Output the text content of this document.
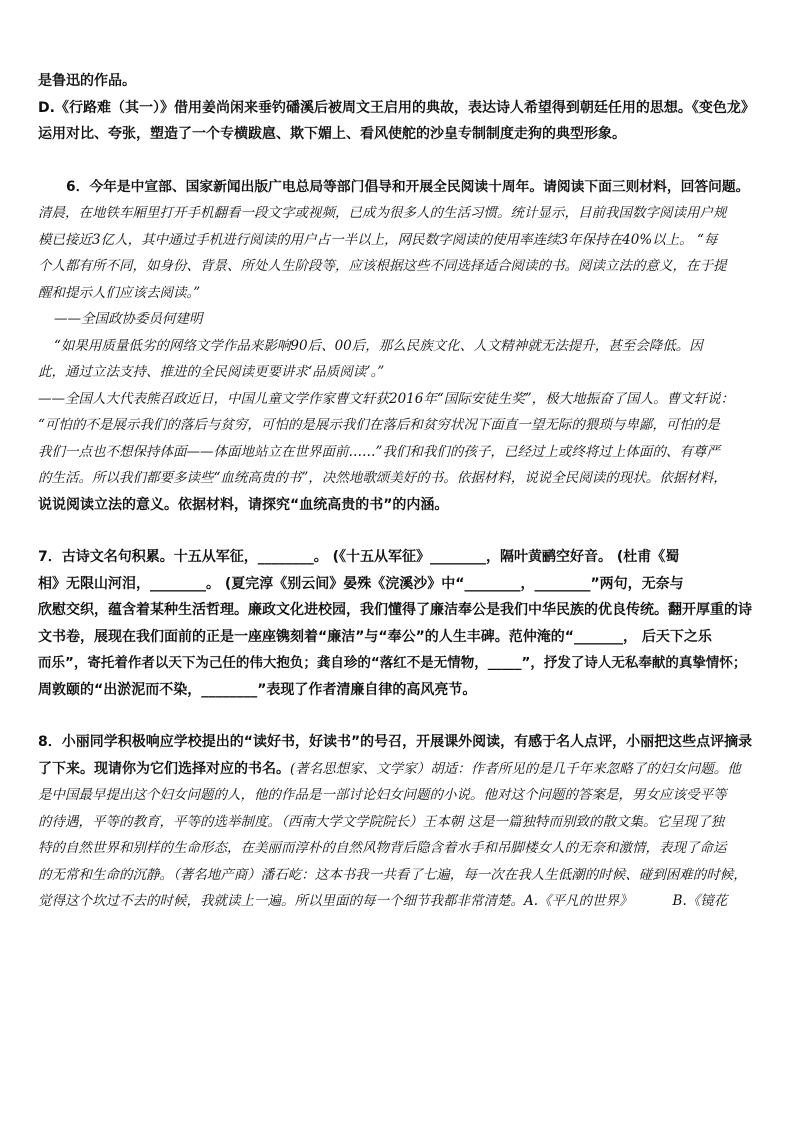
是鲁迅的作品。
D.《行路难（其一）》借用姜尚闲来垂钓磻溪后被周文王启用的典故，表达诗人希望得到朝廷任用的思想。《变色龙》
运用对比、夸张，塑造了一个专横跋扈、欺下媚上、看风使舵的沙皇专制制度走狗的典型形象。
6．今年是中宣部、国家新闻出版广电总局等部门倡导和开展全民阅读十周年。请阅读下面三则材料，回答问题。
清晨，在地铁车厢里打开手机翻看一段文字或视频，已成为很多人的生活习惯。统计显示，目前我国数字阅读用户规
模已接近3亿人，其中通过手机进行阅读的用户占一半以上，网民数字阅读的使用率连续3年保持在40%以上。 “每
个人都有所不同，如身份、背景、所处人生阶段等，应该根据这些不同选择适合阅读的书。阅读立法的意义，在于提
醒和提示人们应该去阅读。”
——全国政协委员何建明
“如果用质量低劣的网络文学作品来影响90后、00后，那么民族文化、人文精神就无法提升，甚至会降低。因
此，通过立法支持、推进的全民阅读更要讲求‘品质阅读’。”
——全国人大代表熊召政近日，中国儿童文学作家曹文轩获2016年“国际安徒生奖”，极大地振奋了国人。曹文轩说：
“可怕的不是展示我们的落后与贫穷，可怕的是展示我们在落后和贫穷状况下面直一望无际的猥琐与卑鄙，可怕的是
我们一点也不想保持体面——体面地站立在世界面前……”我们和我们的孩子，已经过上或终将过上体面的、有尊严
的生活。所以我们都要多读些“血统高贵的书”，决然地歌颂美好的书。依据材料，说说全民阅读的现状。依据材料，
说说阅读立法的意义。依据材料，请探究“血统高贵的书”的内涵。
7．古诗文名句积累。十五从军征，________。 (《十五从军征》________，隔叶黄鹂空好音。 (杜甫《蜀
相》无限山河泪，________。 (夏完淳《别云间》晏殊《浣溪沙》中“________，________”两句，无奈与
欣慰交织，蕴含着某种生活哲理。廉政文化进校园，我们懂得了廉洁奉公是我们中华民族的优良传统。翻开厚重的诗
文书卷，展现在我们面前的正是一座座镌刻着“廉洁”与“奉公”的人生丰碑。范仲淹的“_______， 后天下之乐
而乐”，寄托着作者以天下为己任的伟大抱负；龚自珍的“落红不是无情物，_____”，抒发了诗人无私奉献的真挚情怀；
周敦颐的“出淤泥而不染，________”表现了作者清廉自律的高风亮节。
8．小丽同学积极响应学校提出的“读好书，好读书”的号召，开展课外阅读，有感于名人点评，小丽把这些点评摘录
了下来。现请你为它们选择对应的书名。(著名思想家、文学家）胡适：作者所见的是几千年来忽略了的妇女问题。他
是中国最早提出这个妇女问题的人，他的作品是一部讨论妇女问题的小说。他对这个问题的答案是，男女应该受平等
的待遇，平等的教育，平等的选举制度。（西南大学文学院院长）王本朝 这是一篇独特而别致的散文集。它呈现了独
特的自然世界和别样的生命形态，在美丽而淳朴的自然风物背后隐含着水手和吊脚楼女人的无奈和激情，表现了命运
的无常和生命的沉静。（著名地产商）潘石屹：这本书我一共看了七遍，每一次在我人生低潮的时候、碰到困难的时候，
觉得这个坎过不去的时候，我就读上一遍。所以里面的每一个细节我都非常清楚。A.《平凡的世界》	B.《镜花
